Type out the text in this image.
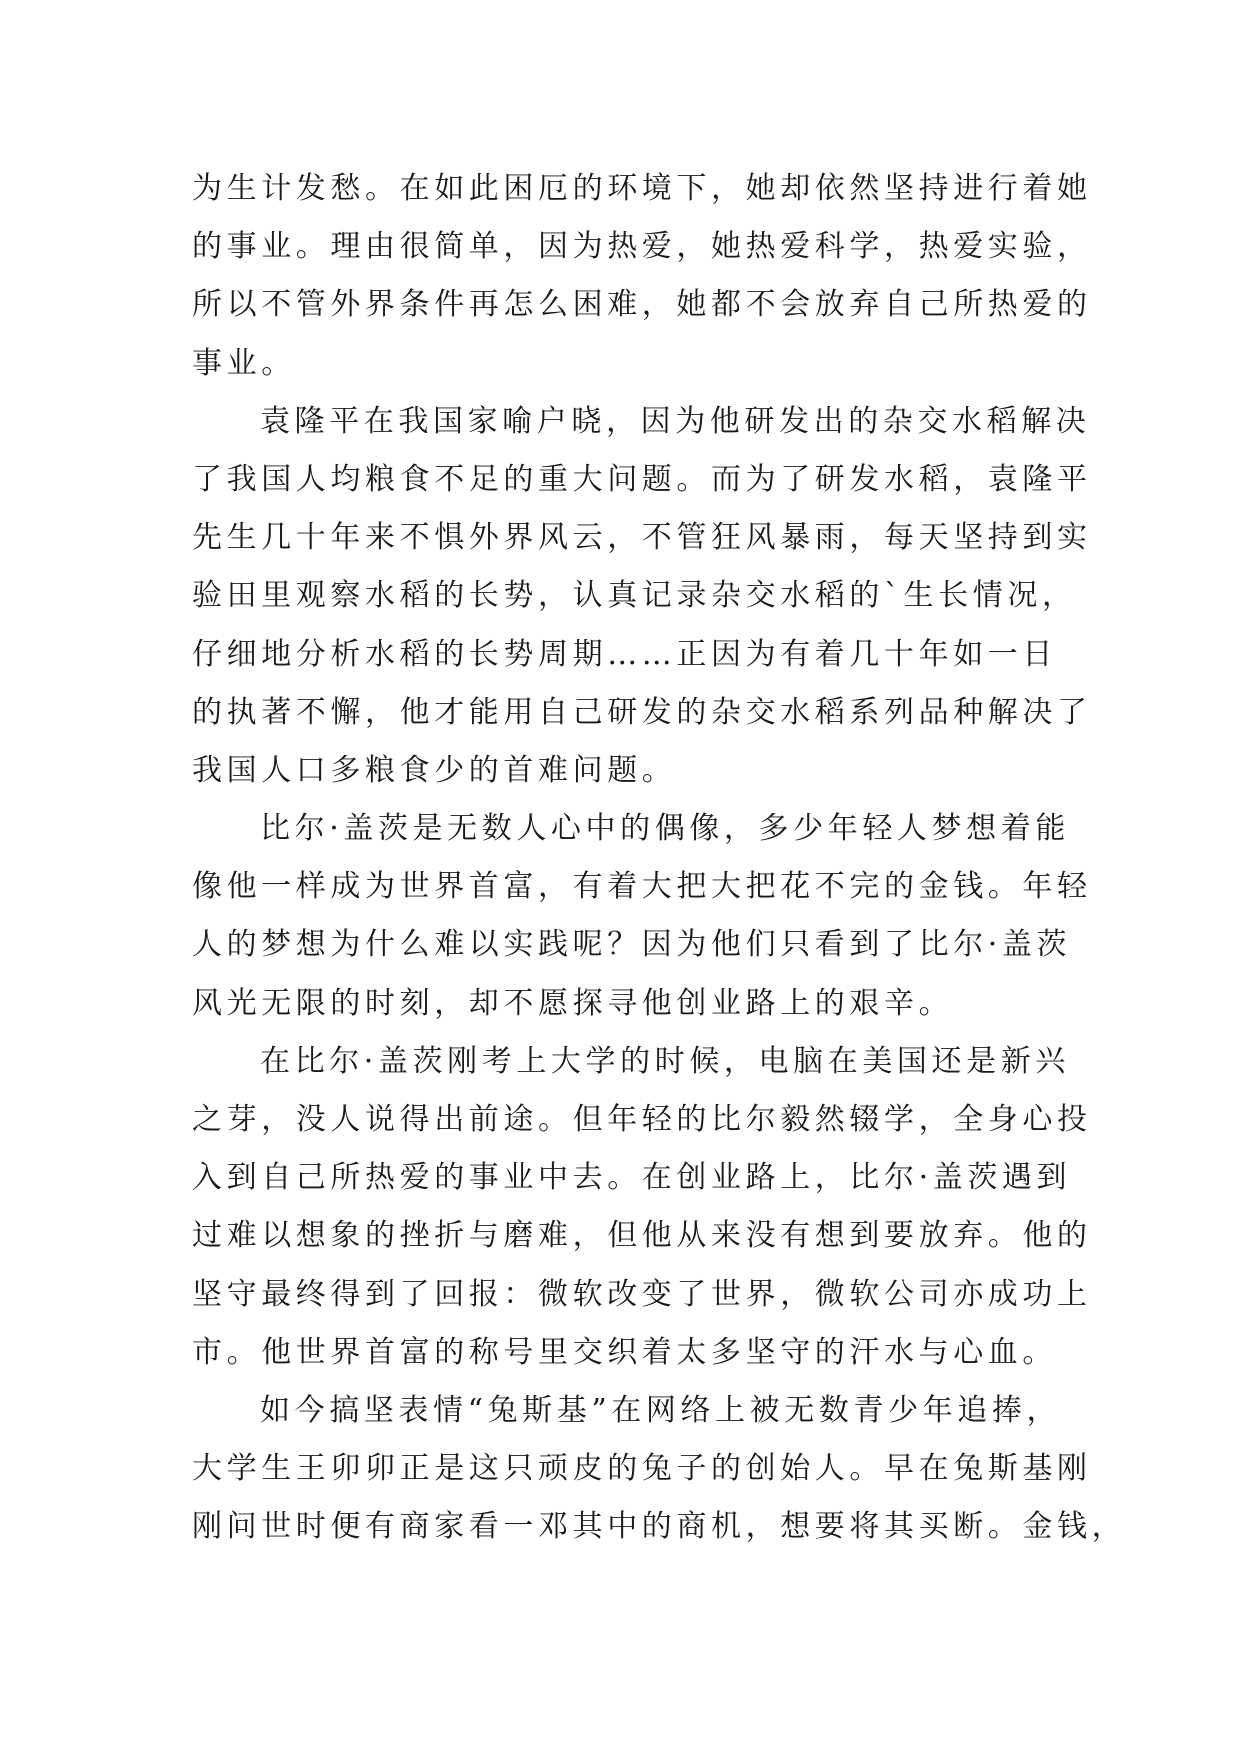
为生计发愁。在如此困厄的环境下，她却依然坚持进行着她
的事业。理由很简单，因为热爱，她热爱科学，热爱实验，
所以不管外界条件再怎么困难，她都不会放弃自己所热爱的
事业。
袁隆平在我国家喻户晓，因为他研发出的杂交水稻解决
了我国人均粮食不足的重大问题。而为了研发水稻，袁隆平
先生几十年来不惧外界风云，不管狂风暴雨，每天坚持到实
验田里观察水稻的长势，认真记录杂交水稻的`生长情况，
仔细地分析水稻的长势周期……正因为有着几十年如一日
的执著不懈，他才能用自己研发的杂交水稻系列品种解决了
我国人口多粮食少的首难问题。
比尔·盖茨是无数人心中的偶像，多少年轻人梦想着能
像他一样成为世界首富，有着大把大把花不完的金钱。年轻
人的梦想为什么难以实践呢？因为他们只看到了比尔·盖茨
风光无限的时刻，却不愿探寻他创业路上的艰辛。
在比尔·盖茨刚考上大学的时候，电脑在美国还是新兴
之芽，没人说得出前途。但年轻的比尔毅然辍学，全身心投
入到自己所热爱的事业中去。在创业路上，比尔·盖茨遇到
过难以想象的挫折与磨难，但他从来没有想到要放弃。他的
坚守最终得到了回报：微软改变了世界，微软公司亦成功上
市。他世界首富的称号里交织着太多坚守的汗水与心血。
如今搞坚表情“兔斯基”在网络上被无数青少年追捧，
大学生王卯卯正是这只顽皮的兔子的创始人。早在兔斯基刚
刚问世时便有商家看一邓其中的商机，想要将其买断。金钱，
